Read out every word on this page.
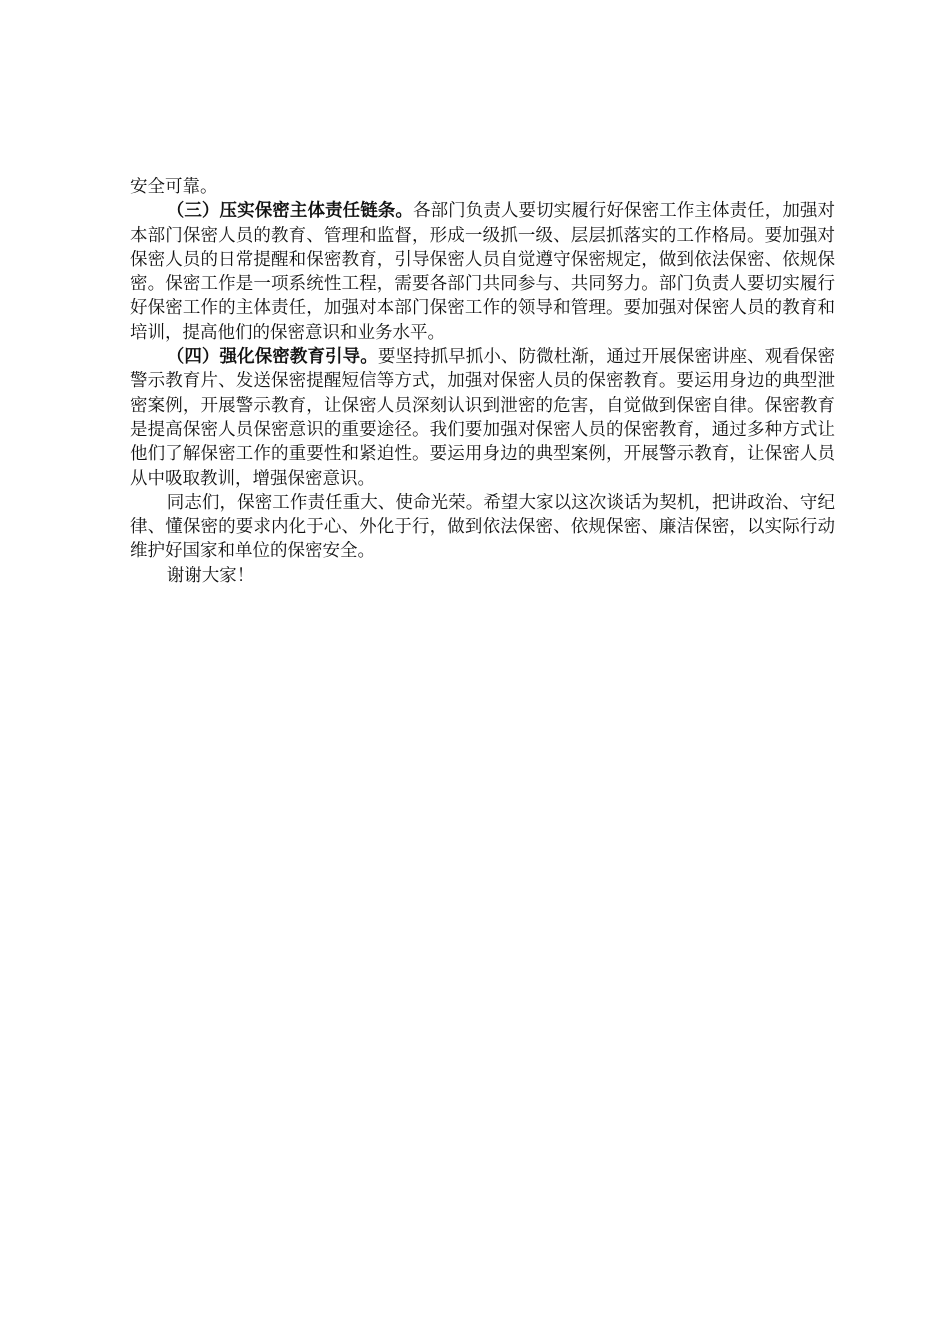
安全可靠。

（三）压实保密主体责任链条。各部门负责人要切实履行好保密工作主体责任，加强对本部门保密人员的教育、管理和监督，形成一级抓一级、层层抓落实的工作格局。要加强对保密人员的日常提醒和保密教育，引导保密人员自觉遵守保密规定，做到依法保密、依规保密。保密工作是一项系统性工程，需要各部门共同参与、共同努力。部门负责人要切实履行好保密工作的主体责任，加强对本部门保密工作的领导和管理。要加强对保密人员的教育和培训，提高他们的保密意识和业务水平。

（四）强化保密教育引导。要坚持抓早抓小、防微杜渐，通过开展保密讲座、观看保密警示教育片、发送保密提醒短信等方式，加强对保密人员的保密教育。要运用身边的典型泄密案例，开展警示教育，让保密人员深刻认识到泄密的危害，自觉做到保密自律。保密教育是提高保密人员保密意识的重要途径。我们要加强对保密人员的保密教育，通过多种方式让他们了解保密工作的重要性和紧迫性。要运用身边的典型案例，开展警示教育，让保密人员从中吸取教训，增强保密意识。

同志们，保密工作责任重大、使命光荣。希望大家以这次谈话为契机，把讲政治、守纪律、懂保密的要求内化于心、外化于行，做到依法保密、依规保密、廉洁保密，以实际行动维护好国家和单位的保密安全。

谢谢大家！
